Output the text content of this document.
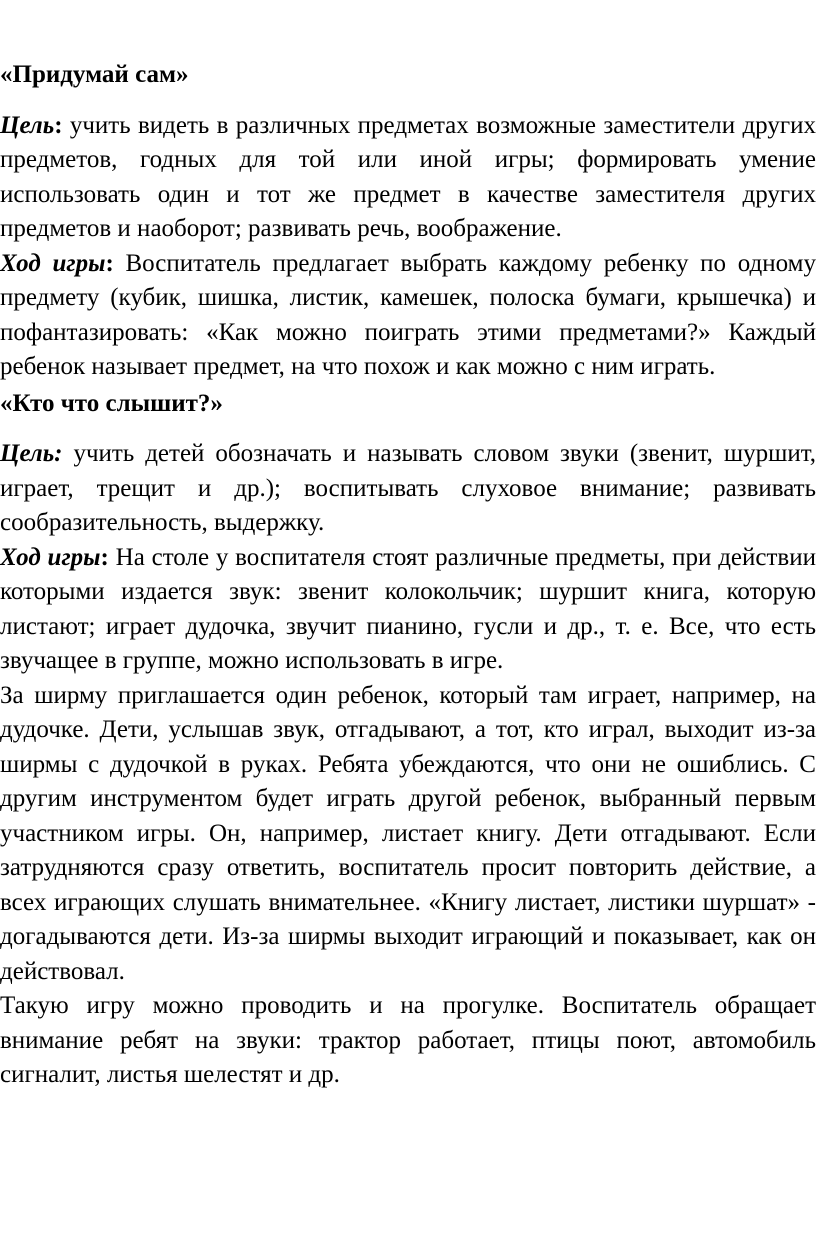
«Придумай сам»

Цель: учить видеть в различных предметах возможные заместители других предметов, годных для той или иной игры; формировать умение использовать один и тот же предмет в качестве заместителя других предметов и наоборот; развивать речь, воображение.

Ход игры: Воспитатель предлагает выбрать каждому ребенку по одному предмету (кубик, шишка, листик, камешек, полоска бумаги, крышечка) и пофантазировать: «Как можно поиграть этими предметами?» Каждый ребенок называет предмет, на что похож и как можно с ним играть.

«Кто что слышит?»

Цель: учить детей обозначать и называть словом звуки (звенит, шуршит, играет, трещит и др.); воспитывать слуховое внимание; развивать сообразительность, выдержку.

Ход игры: На столе у воспитателя стоят различные предметы, при действии которыми издается звук: звенит колокольчик; шуршит книга, которую листают; играет дудочка, звучит пианино, гусли и др., т. е. Все, что есть звучащее в группе, можно использовать в игре.

За ширму приглашается один ребенок, который там играет, например, на дудочке. Дети, услышав звук, отгадывают, а тот, кто играл, выходит из-за ширмы с дудочкой в руках. Ребята убеждаются, что они не ошиблись. С другим инструментом будет играть другой ребенок, выбранный первым участником игры. Он, например, листает книгу. Дети отгадывают. Если затрудняются сразу ответить, воспитатель просит повторить действие, а всех играющих слушать внимательнее. «Книгу листает, листики шуршат» - догадываются дети. Из-за ширмы выходит играющий и показывает, как он действовал.

Такую игру можно проводить и на прогулке. Воспитатель обращает внимание ребят на звуки: трактор работает, птицы поют, автомобиль сигналит, листья шелестят и др.
